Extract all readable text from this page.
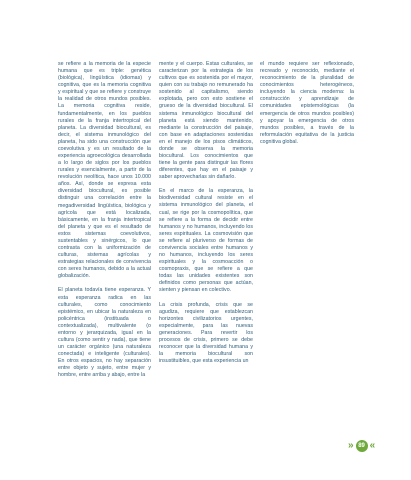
se refiere a la memoria de la especie humana que es triple: genética (biológica), lingüística (idiomas) y cognitiva, que es la memoria cognitiva y espiritual y que se refiere y construye la realidad de otros mundos posibles. La memoria cognitiva reside, fundamentalmente, en los pueblos rurales de la franja intertropical del planeta. La diversidad biocultural, es decir, el sistema inmunológico del planeta, ha sido una construcción que coevolutiva y es un resultado de la experiencia agroecológica desarrollada a lo largo de siglos por los pueblos rurales y esencialmente, a partir de la revolución neolítica, hace unos 10.000 años. Así, donde se expresa esta diversidad biocultural, es posible distinguir una correlación entre la megadiversidad lingüística, biológica y agrícola que está localizada, básicamente, en la franja intertropical del planeta y que es el resultado de estos sistemas coevolutivos, sustentables y sinérgicos, lo que contrasta con la uniformización de culturas, sistemas agrícolas y estrategias relacionales de convivencia con seres humanos, debido a la actual globalización.

El planeta todavía tiene esperanza. Y esta esperanza radica en las culturales, como conocimiento epistémico, en ubicar la naturaleza en policéntrica (instituada o contextualizada), multivalente (o entorno y jerarquizada, igual en la cultura (como sentir y nada), que tiene un carácter orgánico (una naturaleza conectada) e inteligente (culturales). En otros espacios, no hay separación entre objeto y sujeto, entre mujer y hombre, entre arriba y abajo, entre la

mente y el cuerpo. Estas culturales, se caracterizan por la estrategia de los cultivos que es sostenida por el mayor, quien con su trabajo no remunerado ha sostenido al capitalismo, siendo explotada, pero con esto sostiene el grueso de la diversidad biocultural. El sistema inmunológico biocultural del planeta está siendo mantenido, mediante la construcción del paisaje, con base en adaptaciones sostenidas en el manejo de los pisos climáticos, donde se observa la memoria biocultural. Los conocimientos que tiene la gente para distinguir las flores diferentes, que hay en el paisaje y saber aprovecharlas sin dañarlo.

En el marco de la esperanza, la biodiversidad cultural resiste en el sistema inmunológico del planeta, el cual, se rige por la cosmopolítica, que se refiere a la forma de decidir entre humanos y no humanos, incluyendo los seres espirituales. La cosmovisión que se refiere al pluriverso de formas de convivencia sociales entre humanos y no humanos, incluyendo los seres espirituales y la cosmoacción o cosmopraxis, que se refiere a que todas las unidades existentes son definidos como personas que actúan, sienten y piensan en colectivo.

La crisis profunda, crisis que se agudiza, requiere que establezcan horizontes civilizatorios urgentes, especialmente, para las nuevas generaciones. Para revertir los procesos de crisis, primero se debe reconocer que la diversidad humana y la memoria biocultural son insustituibles, que esta experiencia un

el mundo requiere ser reflexionado, recreado y reconocido, mediante el reconocimiento de la pluralidad de conocimientos heterogéneos, incluyendo la ciencia moderna: la construcción y aprendizaje de comunidades epistemológicas (la emergencia de otros mundos posibles) y apoyar la emergencia de otros mundos posibles, a través de la reformulación equitativa de la justicia cognitiva global.

» 89 «
